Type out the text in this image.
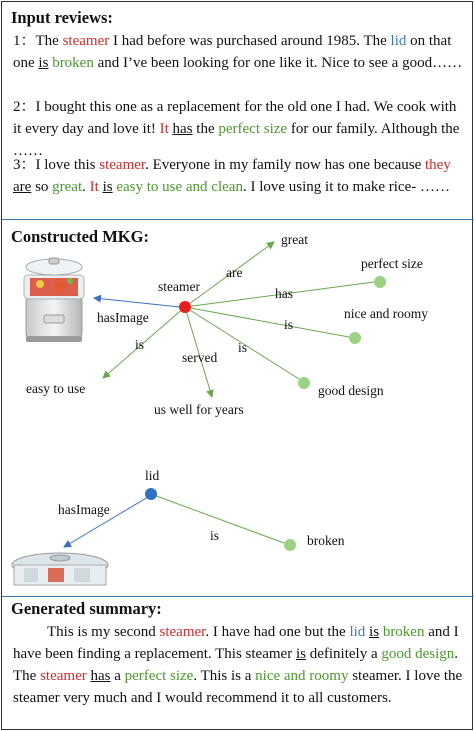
Input reviews:
1：The steamer I had before was purchased around 1985. The lid on that one is broken and I’ve been looking for one like it. Nice to see a good……
2：I bought this one as a replacement for the old one I had. We cook with it every day and love it! It has the perfect size for our family. Although the ……
3：I love this steamer. Everyone in my family now has one because they are so great. It is easy to use and clean. I love using it to make rice- ……
Constructed MKG:
steamer
great
perfect size
nice and roomy
good design
us well for years
easy to use
lid
broken
are
has
is
is
served
is
hasImage
hasImage
is
Generated summary:
This is my second steamer. I have had one but the lid is broken and I have been finding a replacement. This steamer is definitely a good design. The steamer has a perfect size. This is a nice and roomy steamer. I love the steamer very much and I would recommend it to all customers.
